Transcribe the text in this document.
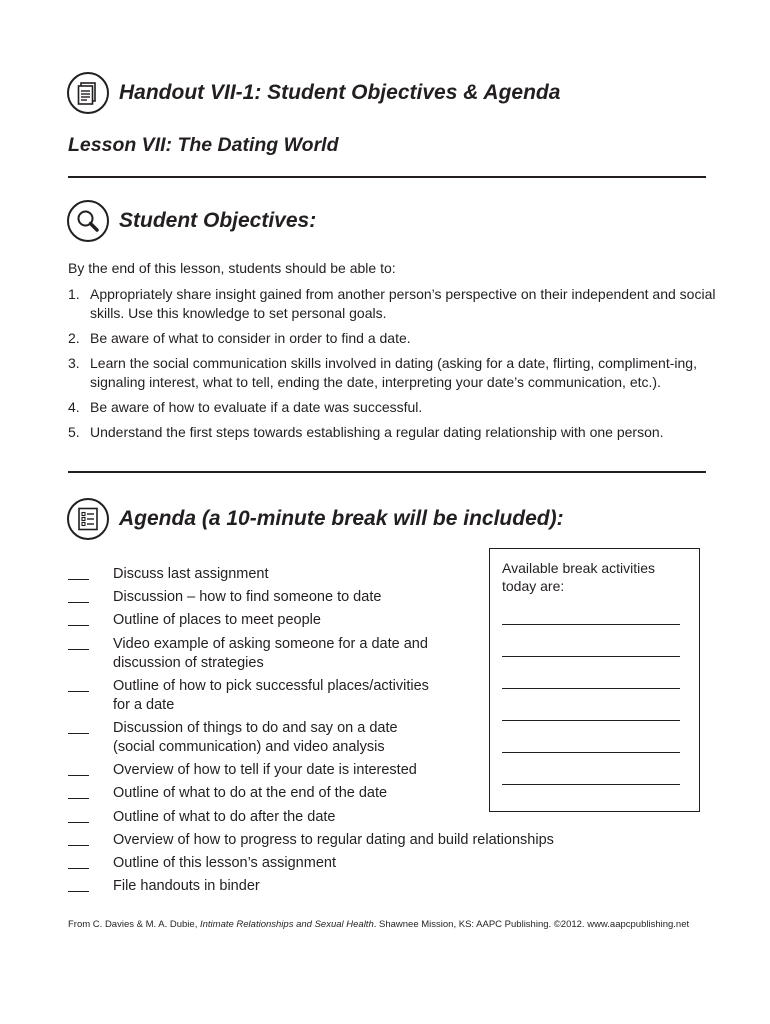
Handout VII-1: Student Objectives & Agenda
Lesson VII: The Dating World
Student Objectives:
By the end of this lesson, students should be able to:
1. Appropriately share insight gained from another person’s perspective on their independent and social skills. Use this knowledge to set personal goals.
2. Be aware of what to consider in order to find a date.
3. Learn the social communication skills involved in dating (asking for a date, flirting, compliment-ing, signaling interest, what to tell, ending the date, interpreting your date’s communication, etc.).
4. Be aware of how to evaluate if a date was successful.
5. Understand the first steps towards establishing a regular dating relationship with one person.
Agenda (a 10-minute break will be included):
Discuss last assignment
Discussion – how to find someone to date
Outline of places to meet people
Video example of asking someone for a date and discussion of strategies
Outline of how to pick successful places/activities for a date
Discussion of things to do and say on a date (social communication) and video analysis
Overview of how to tell if your date is interested
Outline of what to do at the end of the date
Outline of what to do after the date
Overview of how to progress to regular dating and build relationships
Outline of this lesson’s assignment
File handouts in binder
Available break activities today are:
From C. Davies & M. A. Dubie, Intimate Relationships and Sexual Health. Shawnee Mission, KS: AAPC Publishing. ©2012. www.aapcpublishing.net
